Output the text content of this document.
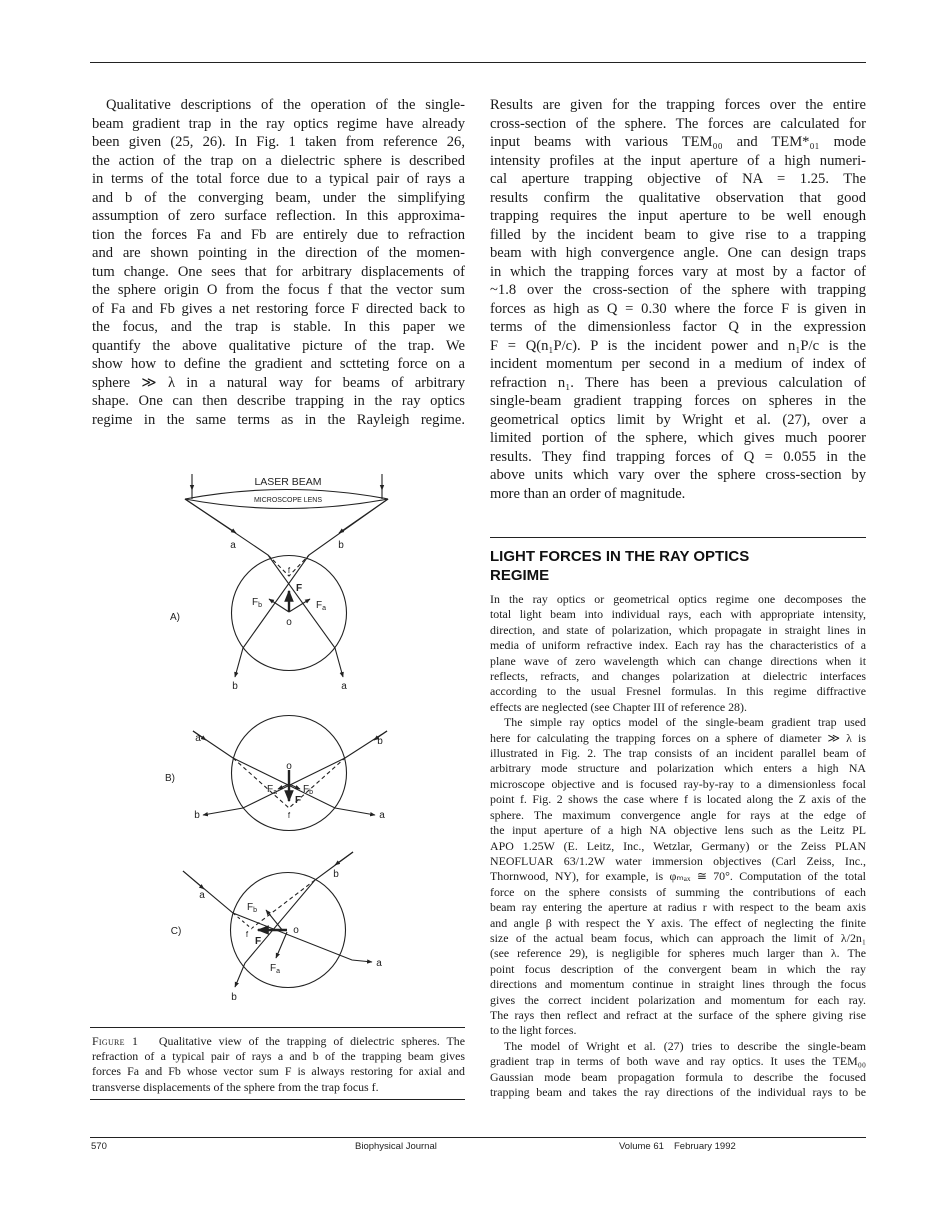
Qualitative descriptions of the operation of the single-
beam gradient trap in the ray optics regime have already
been given (25, 26). In Fig. 1 taken from reference 26,
the action of the trap on a dielectric sphere is described
in terms of the total force due to a typical pair of rays a
and b of the converging beam, under the simplifying
assumption of zero surface reflection. In this approxima-
tion the forces Fa and Fb are entirely due to refraction
and are shown pointing in the direction of the momen-
tum change. One sees that for arbitrary displacements of
the sphere origin O from the focus f that the vector sum
of Fa and Fb gives a net restoring force F directed back to
the focus, and the trap is stable. In this paper we
quantify the above qualitative picture of the trap. We
show how to define the gradient and sctteting force on a
sphere ≫ λ in a natural way for beams of arbitrary
shape. One can then describe trapping in the ray optics
regime in the same terms as in the Rayleigh regime.
Results are given for the trapping forces over the entire
cross-section of the sphere. The forces are calculated for
input beams with various TEM₀₀ and TEM*₀₁ mode
intensity profiles at the input aperture of a high numeri-
cal aperture trapping objective of NA = 1.25. The
results confirm the qualitative observation that good
trapping requires the input aperture to be well enough
filled by the incident beam to give rise to a trapping
beam with high convergence angle. One can design traps
in which the trapping forces vary at most by a factor of
~1.8 over the cross-section of the sphere with trapping
forces as high as Q = 0.30 where the force F is given in
terms of the dimensionless factor Q in the expression
F = Q(n₁P/c). P is the incident power and n₁P/c is the
incident momentum per second in a medium of index of
refraction n₁. There has been a previous calculation of
single-beam gradient trapping forces on spheres in the
geometrical optics limit by Wright et al. (27), over a
limited portion of the sphere, which gives much poorer
results. They find trapping forces of Q = 0.055 in the
above units which vary over the sphere cross-section by
more than an order of magnitude.
LIGHT FORCES IN THE RAY OPTICS
REGIME
In the ray optics or geometrical optics regime one decomposes the
total light beam into individual rays, each with appropriate intensity,
direction, and state of polarization, which propagate in straight lines in
media of uniform refractive index. Each ray has the characteristics of a
plane wave of zero wavelength which can change directions when it
reflects, refracts, and changes polarization at dielectric interfaces
according to the usual Fresnel formulas. In this regime diffractive
effects are neglected (see Chapter III of reference 28).
The simple ray optics model of the single-beam gradient trap used
here for calculating the trapping forces on a sphere of diameter ≫ λ is
illustrated in Fig. 2. The trap consists of an incident parallel beam of
arbitrary mode structure and polarization which enters a high NA
microscope objective and is focused ray-by-ray to a dimensionless focal
point f. Fig. 2 shows the case where f is located along the Z axis of the
sphere. The maximum convergence angle for rays at the edge of
the input aperture of a high NA objective lens such as the Leitz PL
APO 1.25W (E. Leitz, Inc., Wetzlar, Germany) or the Zeiss PLAN
NEOFLUAR 63/1.2W water immersion objectives (Carl Zeiss, Inc.,
Thornwood, NY), for example, is φₘₐₓ ≅ 70°. Computation of the total
force on the sphere consists of summing the contributions of each
beam ray entering the aperture at radius r with respect to the beam axis
and angle β with respect the Y axis. The effect of neglecting the finite
size of the actual beam focus, which can approach the limit of λ/2n₁
(see reference 29), is negligible for spheres much larger than λ. The
point focus description of the convergent beam in which the ray
directions and momentum continue in straight lines through the focus
gives the correct incident polarization and momentum for each ray.
The rays then reflect and refract at the surface of the sphere giving rise
to the light forces.
The model of Wright et al. (27) tries to describe the single-beam
gradient trap in terms of both wave and ray optics. It uses the TEM₀₀
Gaussian mode beam propagation formula to describe the focused
trapping beam and takes the ray directions of the individual rays to be
LASER BEAM
MICROSCOPE LENS
A)
a	b
b	a
f
F
$F_b$	$F_a$
o
B)
a	b
b	a
o
$F_a$	$F_b$
F
f
C)
a
b
a
b
$F_b$
f
F
o
$F_a$
Figure 1 Qualitative view of the trapping of dielectric spheres. The
refraction of a typical pair of rays a and b of the trapping beam gives
forces Fa and Fb whose vector sum F is always restoring for axial and
transverse displacements of the sphere from the trap focus f.
570	Biophysical Journal	Volume 61 February 1992
